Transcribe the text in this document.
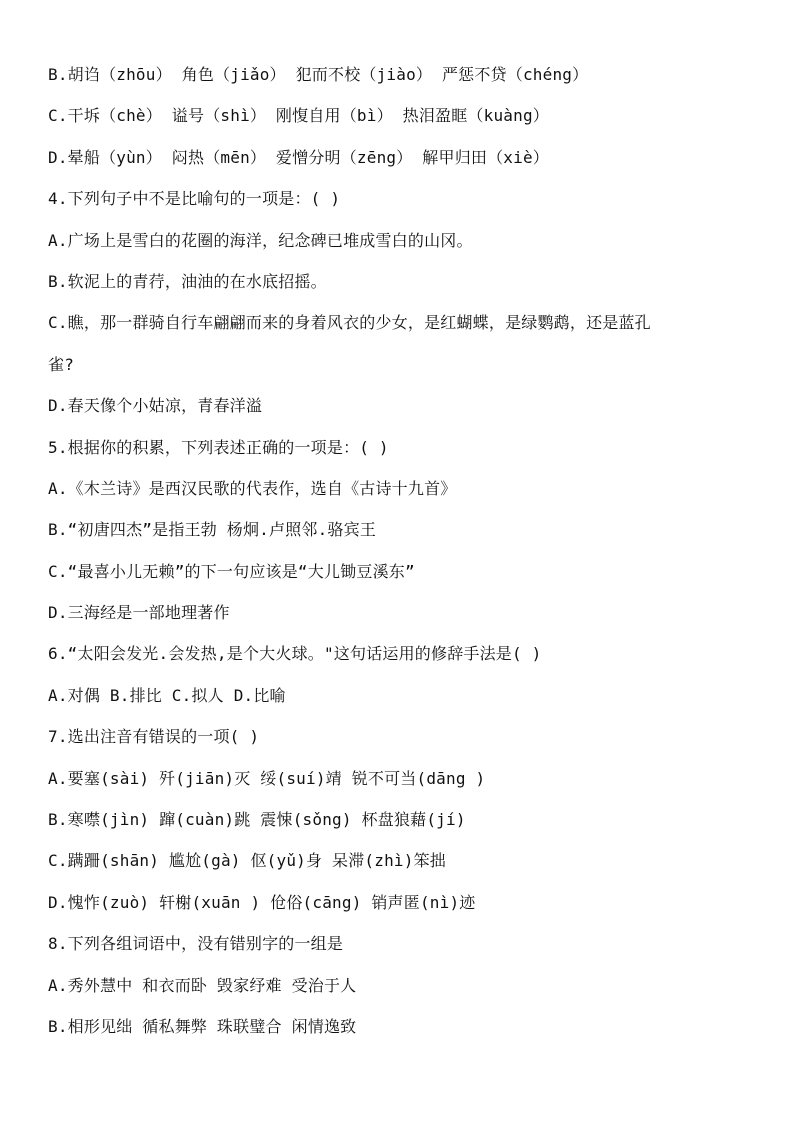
B.胡诌（zhōu） 角色（jiǎo） 犯而不校（jiào） 严惩不贷（chéng）
C.干坼（chè） 谥号（shì） 刚愎自用（bì） 热泪盈眶（kuàng）
D.晕船（yùn） 闷热（mēn） 爱憎分明（zēng） 解甲归田（xiè）
4.下列句子中不是比喻句的一项是：( )
A.广场上是雪白的花圈的海洋，纪念碑已堆成雪白的山冈。
B.软泥上的青荇，油油的在水底招摇。
C.瞧，那一群骑自行车翩翩而来的身着风衣的少女，是红蝴蝶，是绿鹦鹉，还是蓝孔
雀?
D.春天像个小姑凉，青春洋溢
5.根据你的积累，下列表述正确的一项是：( )
A.《木兰诗》是西汉民歌的代表作，选自《古诗十九首》
B.“初唐四杰”是指王勃 杨炯.卢照邻.骆宾王
C.“最喜小儿无赖”的下一句应该是“大儿锄豆溪东”
D.三海经是一部地理著作
6.“太阳会发光.会发热,是个大火球。"这句话运用的修辞手法是( )
A.对偶 B.排比 C.拟人 D.比喻
7.选出注音有错误的一项( )
A.要塞(sài) 歼(jiān)灭 绥(suí)靖 锐不可当(dāng )
B.寒噤(jìn) 蹿(cuàn)跳 震悚(sǒng) 杯盘狼藉(jí)
C.蹒跚(shān) 尴尬(gà) 伛(yǔ)身 呆滞(zhì)笨拙
D.愧怍(zuò) 轩榭(xuān ) 伧俗(cāng) 销声匿(nì)迹
8.下列各组词语中，没有错别字的一组是
A.秀外慧中 和衣而卧 毁家纾难 受治于人
B.相形见绌 循私舞弊 珠联璧合 闲情逸致
